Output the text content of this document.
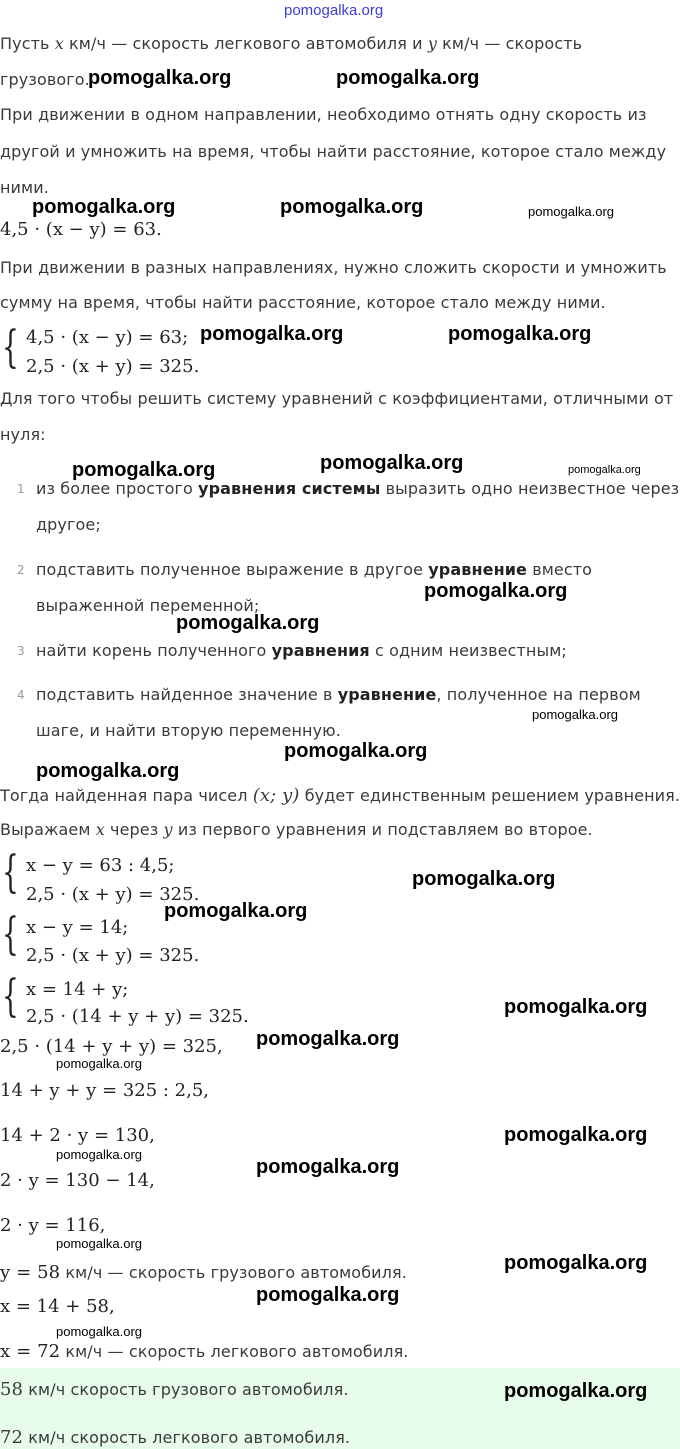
pomogalka.org
Пусть x км/ч — скорость легкового автомобиля и y км/ч — скорость
грузового.
При движении в одном направлении, необходимо отнять одну скорость из
другой и умножить на время, чтобы найти расстояние, которое стало между
ними.
4,5 · (x − y) = 63.
При движении в разных направлениях, нужно сложить скорости и умножить
сумму на время, чтобы найти расстояние, которое стало между ними.
{ 4,5 · (x − y) = 63;
2,5 · (x + y) = 325.
Для того чтобы решить систему уравнений с коэффициентами, отличными от
нуля:
1 из более простого уравнения системы выразить одно неизвестное через
другое;
2 подставить полученное выражение в другое уравнение вместо
выраженной переменной;
3 найти корень полученного уравнения с одним неизвестным;
4 подставить найденное значение в уравнение, полученное на первом
шаге, и найти вторую переменную.
Тогда найденная пара чисел (x; y) будет единственным решением уравнения.
Выражаем x через y из первого уравнения и подставляем во второе.
{ x − y = 63 : 4,5;
2,5 · (x + y) = 325.
{ x − y = 14;
2,5 · (x + y) = 325.
{ x = 14 + y;
2,5 · (14 + y + y) = 325.
2,5 · (14 + y + y) = 325,
14 + y + y = 325 : 2,5,
14 + 2 · y = 130,
2 · y = 130 − 14,
2 · y = 116,
y = 58 км/ч — скорость грузового автомобиля.
x = 14 + 58,
x = 72 км/ч — скорость легкового автомобиля.
58 км/ч скорость грузового автомобиля.
72 км/ч скорость легкового автомобиля.
pomogalka.org	pomogalka.org
pomogalka.org	pomogalka.org
pomogalka.org	pomogalka.org
pomogalka.org	pomogalka.org
pomogalka.org
pomogalka.org
pomogalka.org
pomogalka.org
pomogalka.org
pomogalka.org
pomogalka.org
pomogalka.org
pomogalka.org
pomogalka.org
pomogalka.org
pomogalka.org
pomogalka.org
pomogalka.org
pomogalka.org
pomogalka.org
pomogalka.org
pomogalka.org
pomogalka.org
pomogalka.org
